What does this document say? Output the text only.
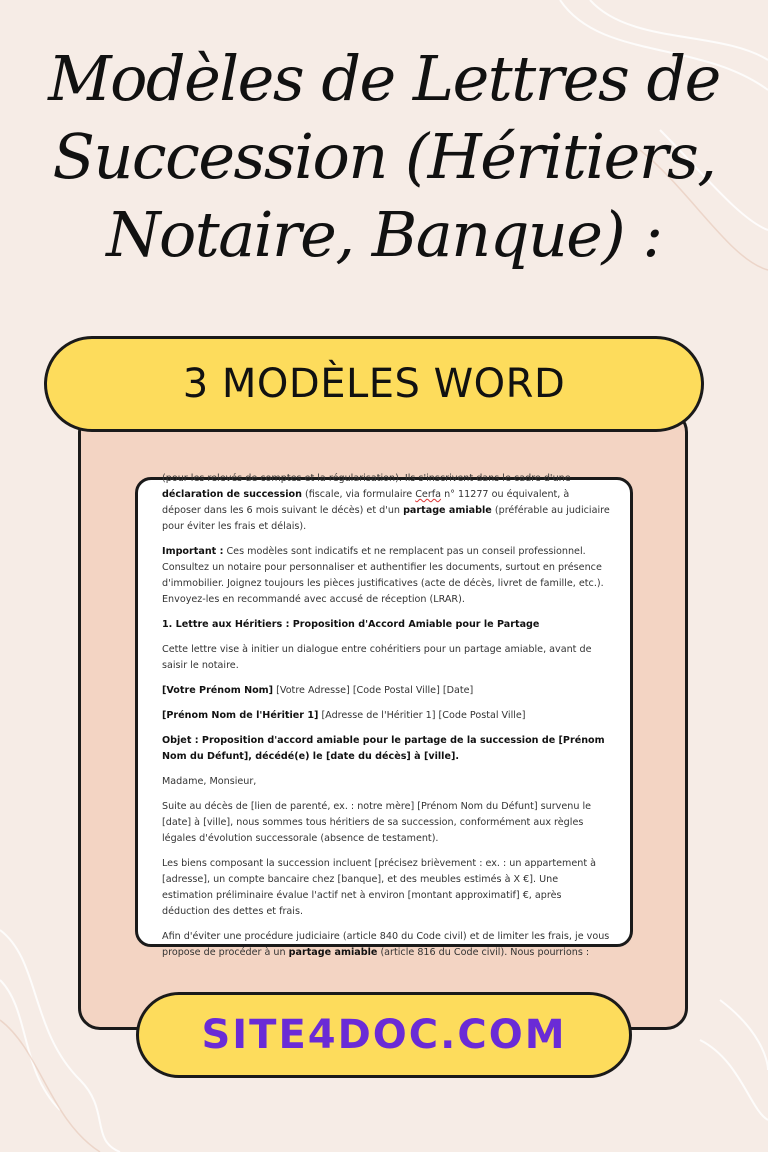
Modèles de Lettres de
Succession (Héritiers,
Notaire, Banque) :
3 MODÈLES WORD

(pour les relevés de comptes et la régularisation). Ils s'inscrivent dans le cadre d'une déclaration de succession (fiscale, via formulaire Cerfa n° 11277 ou équivalent, à déposer dans les 6 mois suivant le décès) et d'un partage amiable (préférable au judiciaire pour éviter les frais et délais).

Important : Ces modèles sont indicatifs et ne remplacent pas un conseil professionnel. Consultez un notaire pour personnaliser et authentifier les documents, surtout en présence d'immobilier. Joignez toujours les pièces justificatives (acte de décès, livret de famille, etc.). Envoyez-les en recommandé avec accusé de réception (LRAR).

1. Lettre aux Héritiers : Proposition d'Accord Amiable pour le Partage

Cette lettre vise à initier un dialogue entre cohéritiers pour un partage amiable, avant de saisir le notaire.

[Votre Prénom Nom] [Votre Adresse] [Code Postal Ville] [Date]

[Prénom Nom de l'Héritier 1] [Adresse de l'Héritier 1] [Code Postal Ville]

Objet : Proposition d'accord amiable pour le partage de la succession de [Prénom Nom du Défunt], décédé(e) le [date du décès] à [ville].

Madame, Monsieur,

Suite au décès de [lien de parenté, ex. : notre mère] [Prénom Nom du Défunt] survenu le [date] à [ville], nous sommes tous héritiers de sa succession, conformément aux règles légales d'évolution successorale (absence de testament).

Les biens composant la succession incluent [précisez brièvement : ex. : un appartement à [adresse], un compte bancaire chez [banque], et des meubles estimés à X €]. Une estimation préliminaire évalue l'actif net à environ [montant approximatif] €, après déduction des dettes et frais.

Afin d'éviter une procédure judiciaire (article 840 du Code civil) et de limiter les frais, je vous propose de procéder à un partage amiable (article 816 du Code civil). Nous pourrions :

SITE4DOC.COM
